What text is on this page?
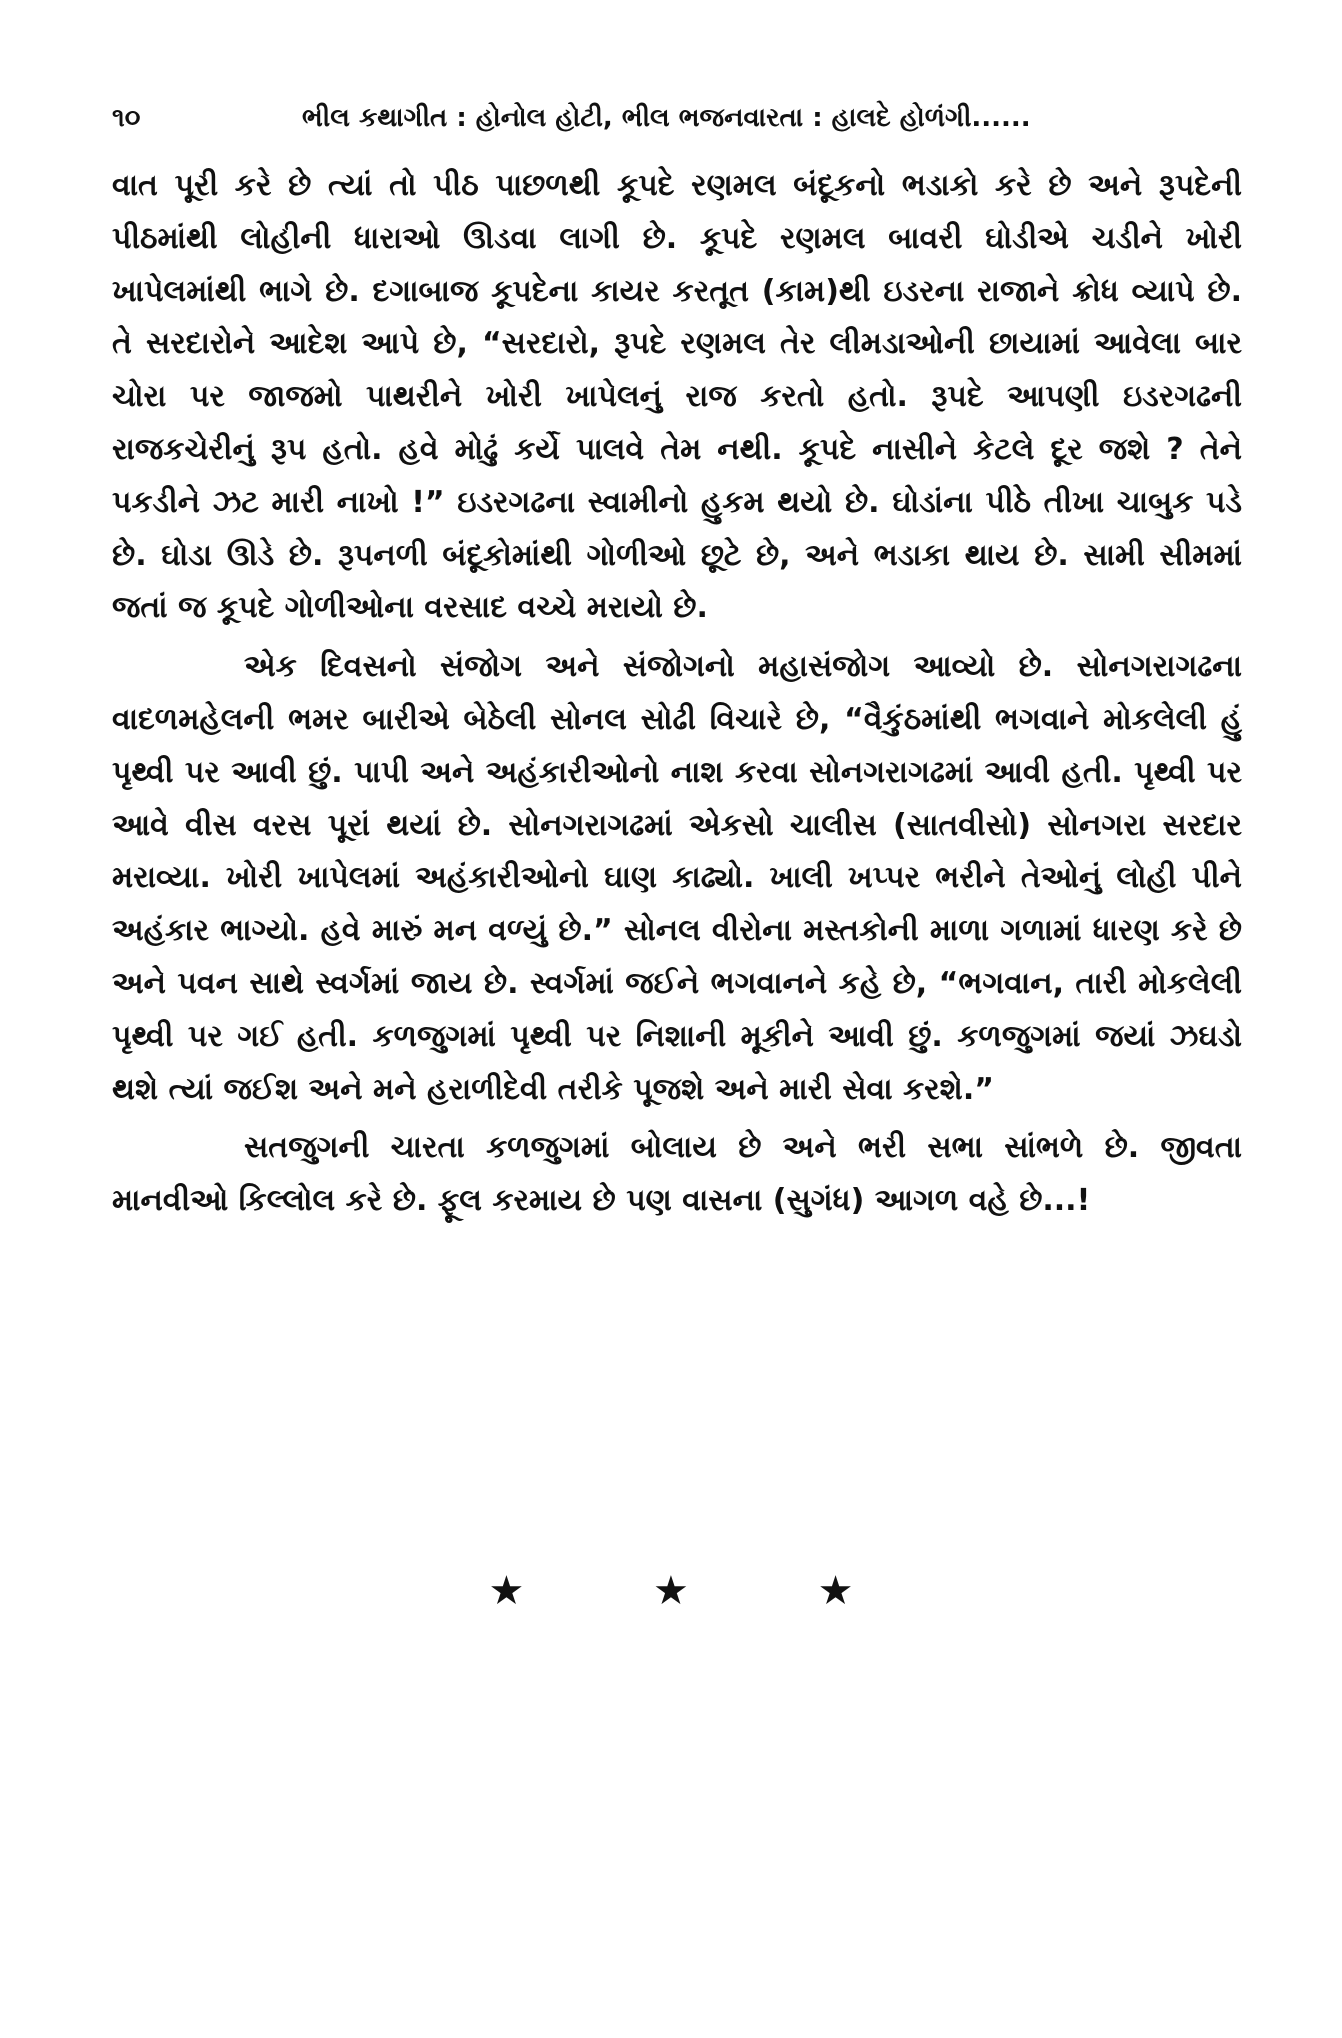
૧૦	ભીલ કથાગીત : હોનોલ હોટી, ભીલ ભજનવારતા : હાલદે હોળંગી......

વાત પૂરી કરે છે ત્યાં તો પીઠ પાછળથી કૂપદે રણમલ બંદૂકનો ભડાકો કરે છે અને રૂપદેની પીઠમાંથી લોહીની ધારાઓ ઊડવા લાગી છે. કૂપદે રણમલ બાવરી ઘોડીએ ચડીને ખોરી ખાપેલમાંથી ભાગે છે. દગાબાજ કૂપદેના કાયર કરતૂત (કામ)થી ઇડરના રાજાને ક્રોધ વ્યાપે છે. તે સરદારોને આદેશ આપે છે, “સરદારો, રૂપદે રણમલ તેર લીમડાઓની છાયામાં આવેલા બાર ચોરા પર જાજમો પાથરીને ખોરી ખાપેલનું રાજ કરતો હતો. રૂપદે આપણી ઇડરગઢની રાજકચેરીનું રૂપ હતો. હવે મોઢું કર્યે પાલવે તેમ નથી. કૂપદે નાસીને કેટલે દૂર જશે ? તેને પકડીને ઝટ મારી નાખો !” ઇડરગઢના સ્વામીનો હુકમ થયો છે. ઘોડાંના પીઠે તીખા ચાબુક પડે છે. ઘોડા ઊડે છે. રૂપનળી બંદૂકોમાંથી ગોળીઓ છૂટે છે, અને ભડાકા થાય છે. સામી સીમમાં જતાં જ કૂપદે ગોળીઓના વરસાદ વચ્ચે મરાયો છે.

એક દિવસનો સંજોગ અને સંજોગનો મહાસંજોગ આવ્યો છે. સોનગરાગઢના વાદળમહેલની ભમર બારીએ બેઠેલી સોનલ સોઢી વિચારે છે, “વૈકુંઠમાંથી ભગવાને મોકલેલી હું પૃથ્વી પર આવી છું. પાપી અને અહંકારીઓનો નાશ કરવા સોનગરાગઢમાં આવી હતી. પૃથ્વી પર આવે વીસ વરસ પૂરાં થયાં છે. સોનગરાગઢમાં એકસો ચાલીસ (સાતવીસો) સોનગરા સરદાર મરાવ્યા. ખોરી ખાપેલમાં અહંકારીઓનો ઘાણ કાઢ્યો. ખાલી ખપ્પર ભરીને તેઓનું લોહી પીને અહંકાર ભાગ્યો. હવે મારું મન વળ્યું છે.” સોનલ વીરોના મસ્તકોની માળા ગળામાં ધારણ કરે છે અને પવન સાથે સ્વર્ગમાં જાય છે. સ્વર્ગમાં જઈને ભગવાનને કહે છે, “ભગવાન, તારી મોકલેલી પૃથ્વી પર ગઈ હતી. કળજુગમાં પૃથ્વી પર નિશાની મૂકીને આવી છું. કળજુગમાં જયાં ઝઘડો થશે ત્યાં જઈશ અને મને હરાળીદેવી તરીકે પૂજશે અને મારી સેવા કરશે.”

સતજુગની ચારતા કળજુગમાં બોલાય છે અને ભરી સભા સાંભળે છે. જીવતા માનવીઓ કિલ્લોલ કરે છે. ફૂલ કરમાય છે પણ વાસના (સુગંધ) આગળ વહે છે...!

★ ★ ★
